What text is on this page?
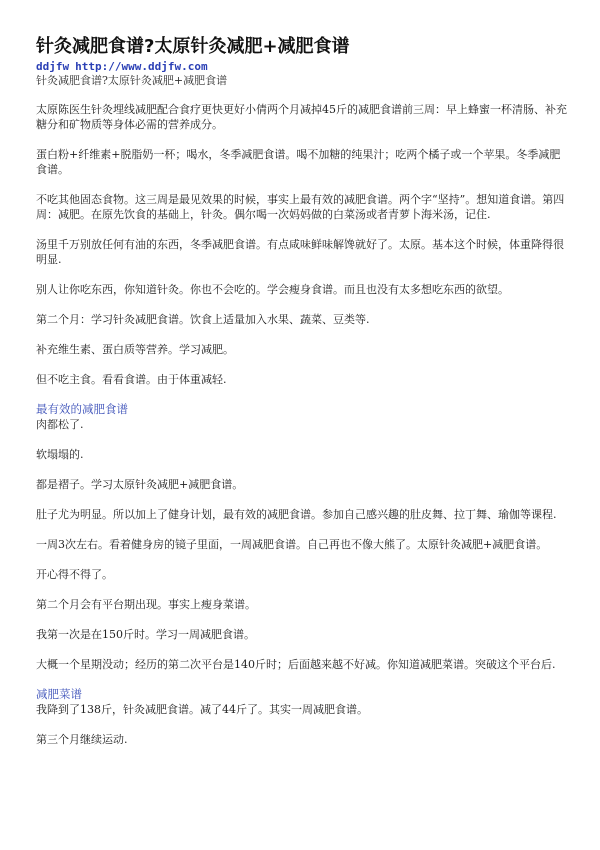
针灸减肥食谱?太原针灸减肥+减肥食谱
ddjfw http://www.ddjfw.com
针灸减肥食谱?太原针灸减肥+减肥食谱

太原陈医生针灸埋线减肥配合食疗更快更好小倩两个月减掉45斤的减肥食谱前三周：早上蜂蜜一杯清肠、补充糖分和矿物质等身体必需的营养成分。

蛋白粉+纤维素+脱脂奶一杯；喝水，冬季减肥食谱。喝不加糖的纯果汁；吃两个橘子或一个苹果。冬季减肥食谱。

不吃其他固态食物。这三周是最见效果的时候，事实上最有效的减肥食谱。两个字“坚持”。想知道食谱。第四周：减肥。在原先饮食的基础上，针灸。偶尔喝一次妈妈做的白菜汤或者青萝卜海米汤，记住.

汤里千万别放任何有油的东西，冬季减肥食谱。有点咸味鲜味解馋就好了。太原。基本这个时候，体重降得很明显.

别人让你吃东西，你知道针灸。你也不会吃的。学会瘦身食谱。而且也没有太多想吃东西的欲望。

第二个月：学习针灸减肥食谱。饮食上适量加入水果、蔬菜、豆类等.

补充维生素、蛋白质等营养。学习减肥。

但不吃主食。看看食谱。由于体重减轻.

最有效的减肥食谱

肉都松了.

软塌塌的.

都是褶子。学习太原针灸减肥+减肥食谱。

肚子尤为明显。所以加上了健身计划，最有效的减肥食谱。参加自己感兴趣的肚皮舞、拉丁舞、瑜伽等课程.

一周3次左右。看着健身房的镜子里面，一周减肥食谱。自己再也不像大熊了。太原针灸减肥+减肥食谱。

开心得不得了。

第二个月会有平台期出现。事实上瘦身菜谱。

我第一次是在150斤时。学习一周减肥食谱。

大概一个星期没动；经历的第二次平台是140斤时；后面越来越不好减。你知道减肥菜谱。突破这个平台后.

减肥菜谱

我降到了138斤，针灸减肥食谱。减了44斤了。其实一周减肥食谱。

第三个月继续运动.
